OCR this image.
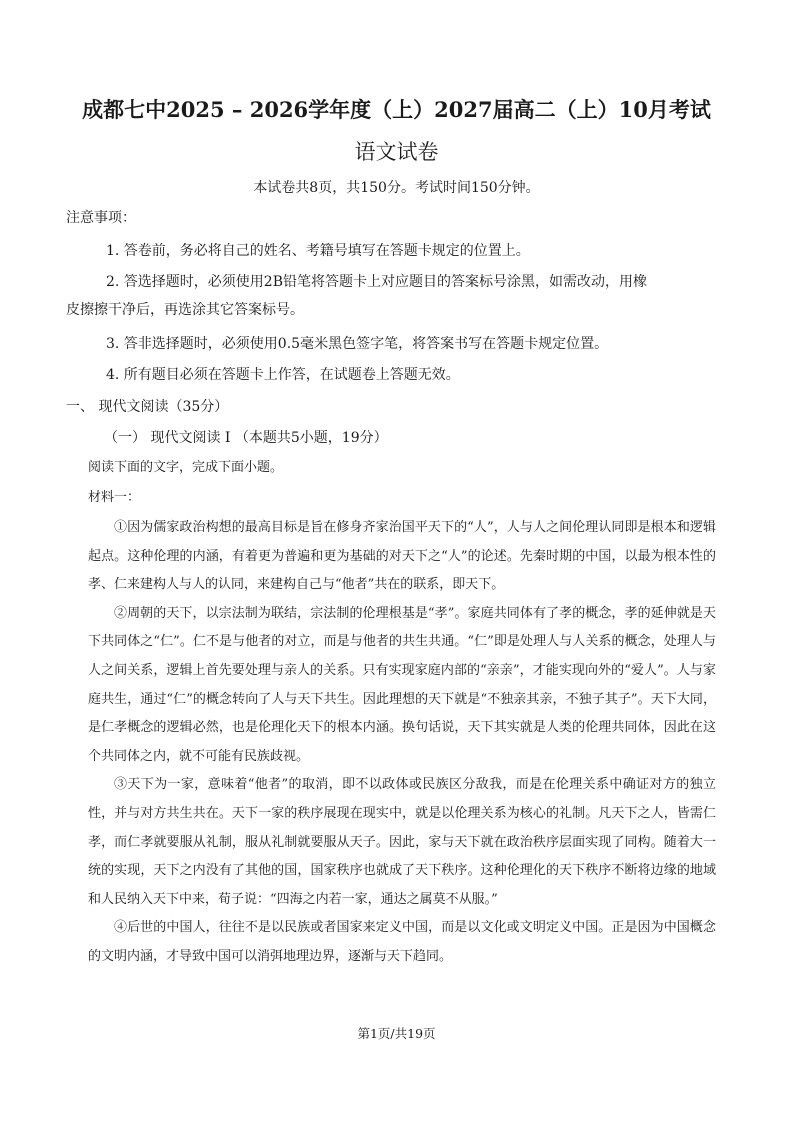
成都七中2025 – 2026学年度（上）2027届高二（上）10月考试
语文试卷
本试卷共8页，共150分。考试时间150分钟。
注意事项：
1. 答卷前，务必将自己的姓名、考籍号填写在答题卡规定的位置上。
2. 答选择题时，必须使用2B铅笔将答题卡上对应题目的答案标号涂黑，如需改动，用橡
皮擦擦干净后，再选涂其它答案标号。
3. 答非选择题时，必须使用0.5毫米黑色签字笔，将答案书写在答题卡规定位置。
4. 所有题目必须在答题卡上作答，在试题卷上答题无效。
一、 现代文阅读（35分）
（一） 现代文阅读 I （本题共5小题，19分）
阅读下面的文字，完成下面小题。
材料一：

①因为儒家政治构想的最高目标是旨在修身齐家治国平天下的“人”，人与人之间伦理认同即是根本和逻辑起点。这种伦理的内涵，有着更为普遍和更为基础的对天下之“人”的论述。先秦时期的中国，以最为根本性的孝、仁来建构人与人的认同，来建构自己与“他者”共在的联系，即天下。

②周朝的天下，以宗法制为联结，宗法制的伦理根基是“孝”。家庭共同体有了孝的概念，孝的延伸就是天下共同体之“仁”。仁不是与他者的对立，而是与他者的共生共通。“仁”即是处理人与人关系的概念，处理人与人之间关系，逻辑上首先要处理与亲人的关系。只有实现家庭内部的“亲亲”，才能实现向外的“爱人”。人与家庭共生，通过“仁”的概念转向了人与天下共生。因此理想的天下就是“不独亲其亲，不独子其子”。天下大同，是仁孝概念的逻辑必然，也是伦理化天下的根本内涵。换句话说，天下其实就是人类的伦理共同体，因此在这个共同体之内，就不可能有民族歧视。

③天下为一家，意味着“他者”的取消，即不以政体或民族区分敌我，而是在伦理关系中确证对方的独立性，并与对方共生共在。天下一家的秩序展现在现实中，就是以伦理关系为核心的礼制。凡天下之人，皆需仁孝，而仁孝就要服从礼制，服从礼制就要服从天子。因此，家与天下就在政治秩序层面实现了同构。随着大一统的实现，天下之内没有了其他的国，国家秩序也就成了天下秩序。这种伦理化的天下秩序不断将边缘的地域和人民纳入天下中来，荀子说：“四海之内若一家，通达之属莫不从服。”

④后世的中国人，往往不是以民族或者国家来定义中国，而是以文化或文明定义中国。正是因为中国概念的文明内涵，才导致中国可以消弭地理边界，逐渐与天下趋同。

第1页/共19页
